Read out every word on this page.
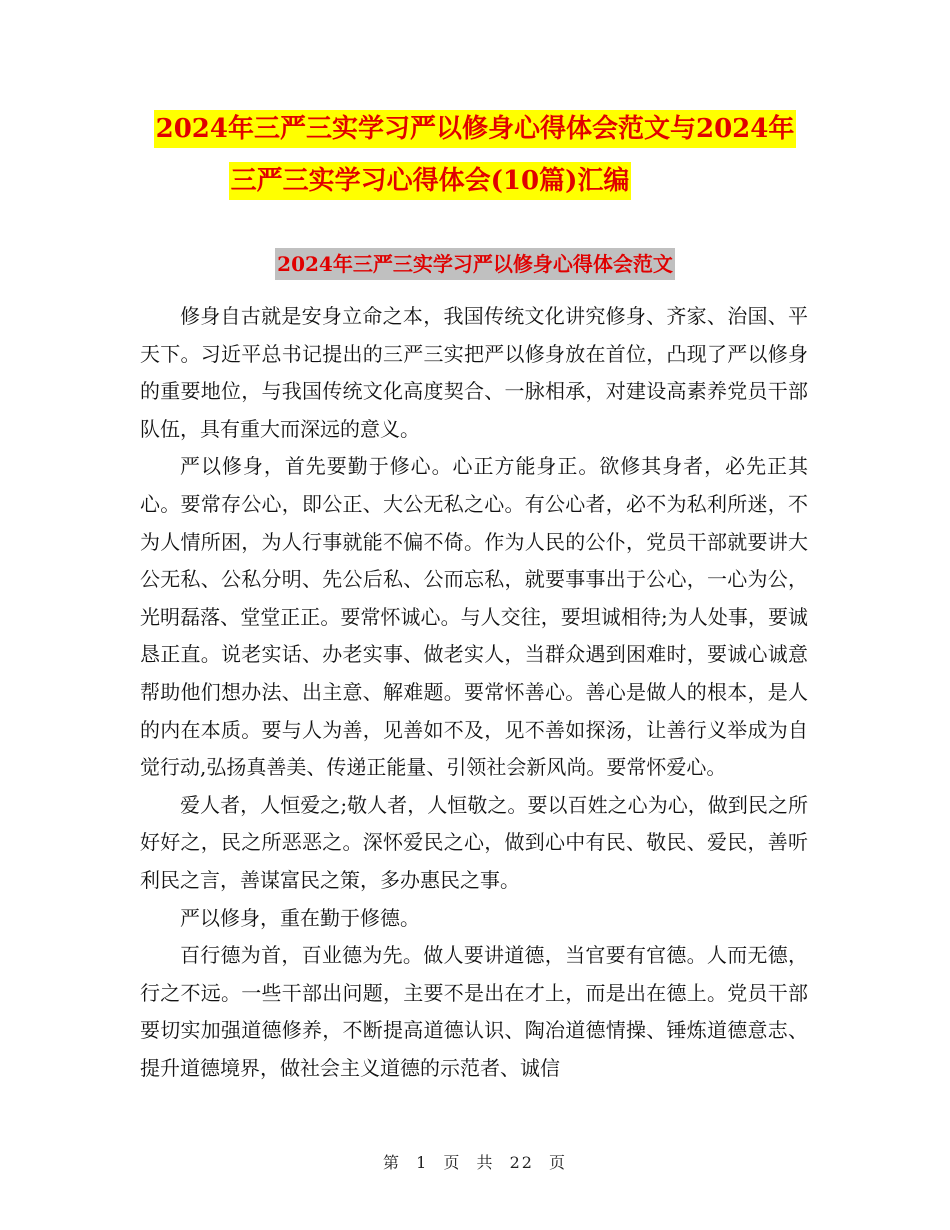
2024年三严三实学习严以修身心得体会范文与2024年
三严三实学习心得体会(10篇)汇编
2024年三严三实学习严以修身心得体会范文

修身自古就是安身立命之本，我国传统文化讲究修身、齐家、治国、平天下。习近平总书记提出的三严三实把严以修身放在首位，凸现了严以修身的重要地位，与我国传统文化高度契合、一脉相承，对建设高素养党员干部队伍，具有重大而深远的意义。

严以修身，首先要勤于修心。心正方能身正。欲修其身者，必先正其心。要常存公心，即公正、大公无私之心。有公心者，必不为私利所迷，不为人情所困，为人行事就能不偏不倚。作为人民的公仆，党员干部就要讲大公无私、公私分明、先公后私、公而忘私，就要事事出于公心，一心为公，光明磊落、堂堂正正。要常怀诚心。与人交往，要坦诚相待;为人处事，要诚恳正直。说老实话、办老实事、做老实人，当群众遇到困难时，要诚心诚意帮助他们想办法、出主意、解难题。要常怀善心。善心是做人的根本，是人的内在本质。要与人为善，见善如不及，见不善如探汤，让善行义举成为自觉行动,弘扬真善美、传递正能量、引领社会新风尚。要常怀爱心。

爱人者，人恒爱之;敬人者，人恒敬之。要以百姓之心为心，做到民之所好好之，民之所恶恶之。深怀爱民之心，做到心中有民、敬民、爱民，善听利民之言，善谋富民之策，多办惠民之事。

严以修身，重在勤于修德。

百行德为首，百业德为先。做人要讲道德，当官要有官德。人而无德，行之不远。一些干部出问题，主要不是出在才上，而是出在德上。党员干部要切实加强道德修养，不断提高道德认识、陶冶道德情操、锤炼道德意志、提升道德境界，做社会主义道德的示范者、诚信

第 1 页 共 22 页
